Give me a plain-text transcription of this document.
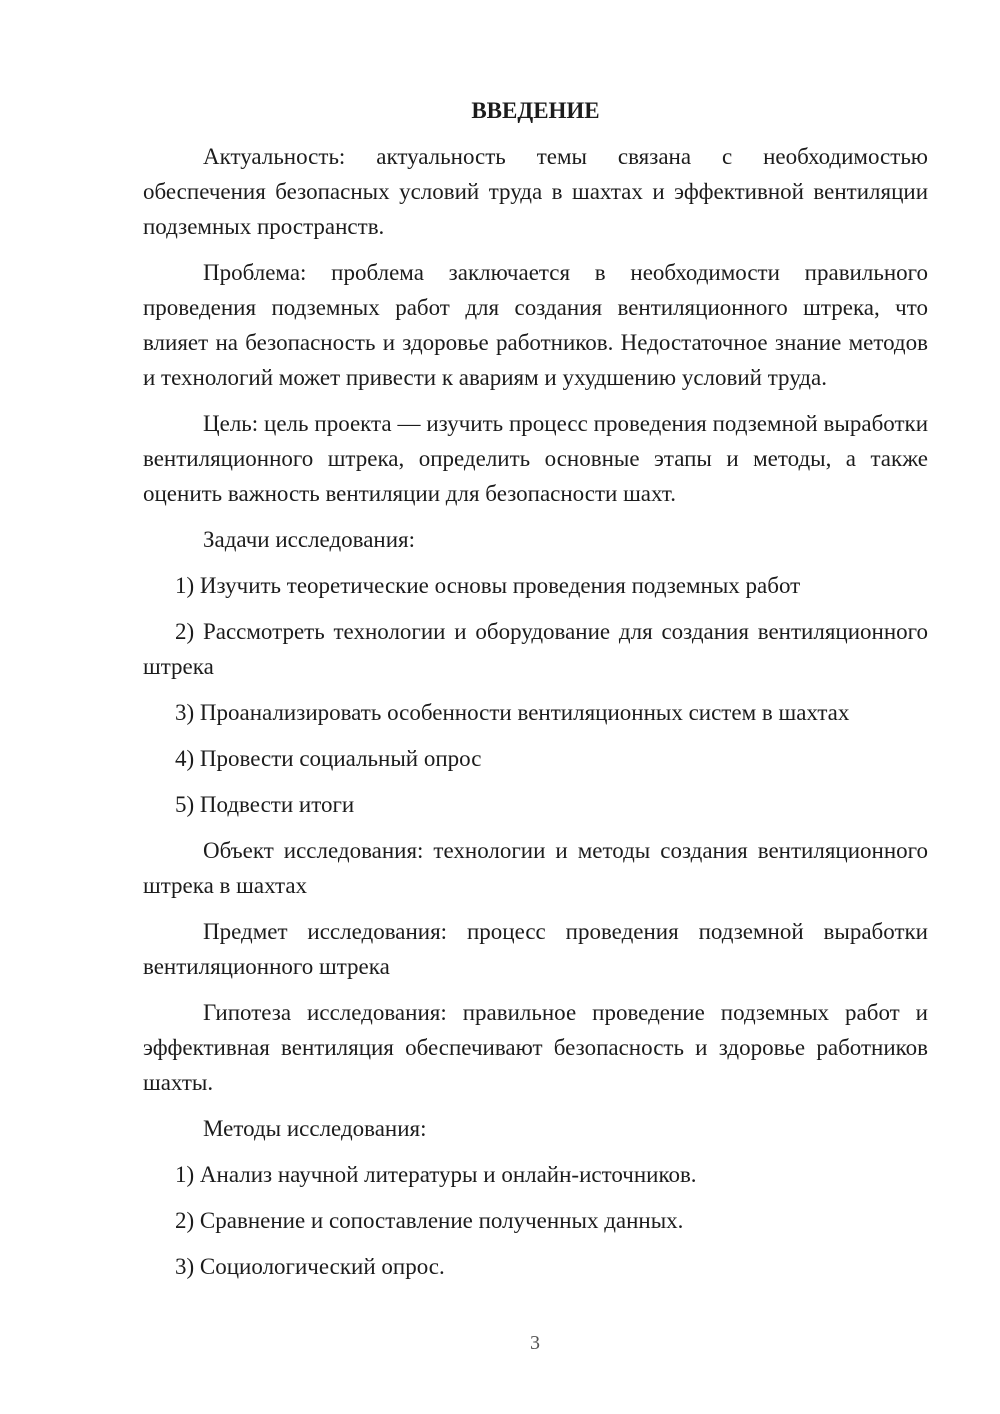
ВВЕДЕНИЕ

Актуальность: актуальность темы связана с необходимостью обеспечения безопасных условий труда в шахтах и эффективной вентиляции подземных пространств.

Проблема: проблема заключается в необходимости правильного проведения подземных работ для создания вентиляционного штрека, что влияет на безопасность и здоровье работников. Недостаточное знание методов и технологий может привести к авариям и ухудшению условий труда.

Цель: цель проекта — изучить процесс проведения подземной выработки вентиляционного штрека, определить основные этапы и методы, а также оценить важность вентиляции для безопасности шахт.

Задачи исследования:

1) Изучить теоретические основы проведения подземных работ

2) Рассмотреть технологии и оборудование для создания вентиляционного штрека

3) Проанализировать особенности вентиляционных систем в шахтах

4) Провести социальный опрос

5) Подвести итоги

Объект исследования: технологии и методы создания вентиляционного штрека в шахтах

Предмет исследования: процесс проведения подземной выработки вентиляционного штрека

Гипотеза исследования: правильное проведение подземных работ и эффективная вентиляция обеспечивают безопасность и здоровье работников шахты.

Методы исследования:

1) Анализ научной литературы и онлайн-источников.

2) Сравнение и сопоставление полученных данных.

3) Социологический опрос.

3
